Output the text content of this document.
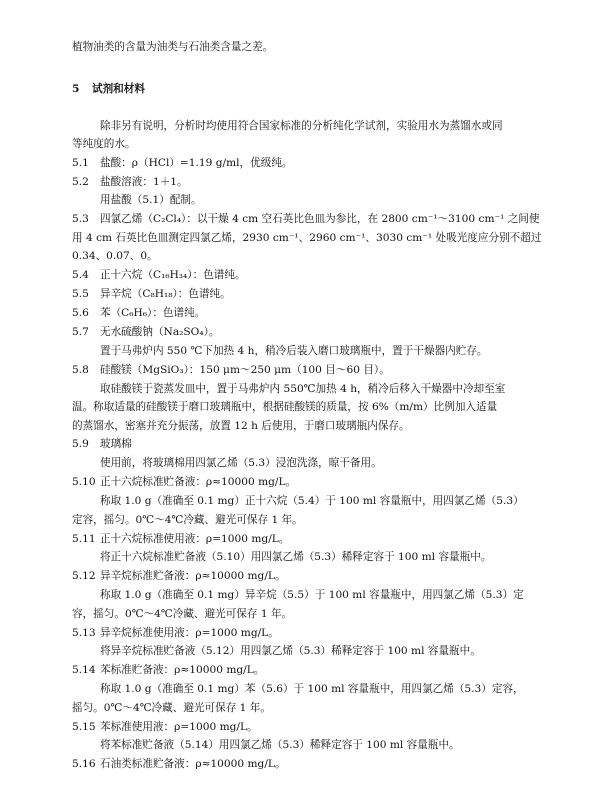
植物油类的含量为油类与石油类含量之差。
5 试剂和材料
除非另有说明，分析时均使用符合国家标准的分析纯化学试剂，实验用水为蒸馏水或同
等纯度的水。
5.1 盐酸：ρ（HCl）=1.19 g/ml，优级纯。
5.2 盐酸溶液：1＋1。
用盐酸（5.1）配制。
5.3 四氯乙烯（C₂Cl₄）：以干燥 4 cm 空石英比色皿为参比，在 2800 cm⁻¹～3100 cm⁻¹ 之间使
用 4 cm 石英比色皿测定四氯乙烯，2930 cm⁻¹、2960 cm⁻¹、3030 cm⁻¹ 处吸光度应分别不超过
0.34、0.07、0。
5.4 正十六烷（C₁₆H₃₄）：色谱纯。
5.5 异辛烷（C₈H₁₈）：色谱纯。
5.6 苯（C₆H₆）：色谱纯。
5.7 无水硫酸钠（Na₂SO₄）。
置于马弗炉内 550 ℃下加热 4 h，稍冷后装入磨口玻璃瓶中，置于干燥器内贮存。
5.8 硅酸镁（MgSiO₃）：150 μm～250 μm（100 目～60 目）。
取硅酸镁于瓷蒸发皿中，置于马弗炉内 550℃加热 4 h，稍冷后移入干燥器中冷却至室
温。称取适量的硅酸镁于磨口玻璃瓶中，根据硅酸镁的质量，按 6%（m/m）比例加入适量
的蒸馏水，密塞并充分振荡，放置 12 h 后使用，于磨口玻璃瓶内保存。
5.9 玻璃棉
使用前，将玻璃棉用四氯乙烯（5.3）浸泡洗涤，晾干备用。
5.10 正十六烷标准贮备液：ρ≈10000 mg/L。
称取 1.0 g（准确至 0.1 mg）正十六烷（5.4）于 100 ml 容量瓶中，用四氯乙烯（5.3）
定容，摇匀。0℃～4℃冷藏、避光可保存 1 年。
5.11 正十六烷标准使用液：ρ=1000 mg/L。
将正十六烷标准贮备液（5.10）用四氯乙烯（5.3）稀释定容于 100 ml 容量瓶中。
5.12 异辛烷标准贮备液：ρ≈10000 mg/L。
称取 1.0 g（准确至 0.1 mg）异辛烷（5.5）于 100 ml 容量瓶中，用四氯乙烯（5.3）定
容，摇匀。0℃～4℃冷藏、避光可保存 1 年。
5.13 异辛烷标准使用液：ρ=1000 mg/L。
将异辛烷标准贮备液（5.12）用四氯乙烯（5.3）稀释定容于 100 ml 容量瓶中。
5.14 苯标准贮备液：ρ≈10000 mg/L。
称取 1.0 g（准确至 0.1 mg）苯（5.6）于 100 ml 容量瓶中，用四氯乙烯（5.3）定容，
摇匀。0℃～4℃冷藏、避光可保存 1 年。
5.15 苯标准使用液：ρ=1000 mg/L。
将苯标准贮备液（5.14）用四氯乙烯（5.3）稀释定容于 100 ml 容量瓶中。
5.16 石油类标准贮备液：ρ≈10000 mg/L。
